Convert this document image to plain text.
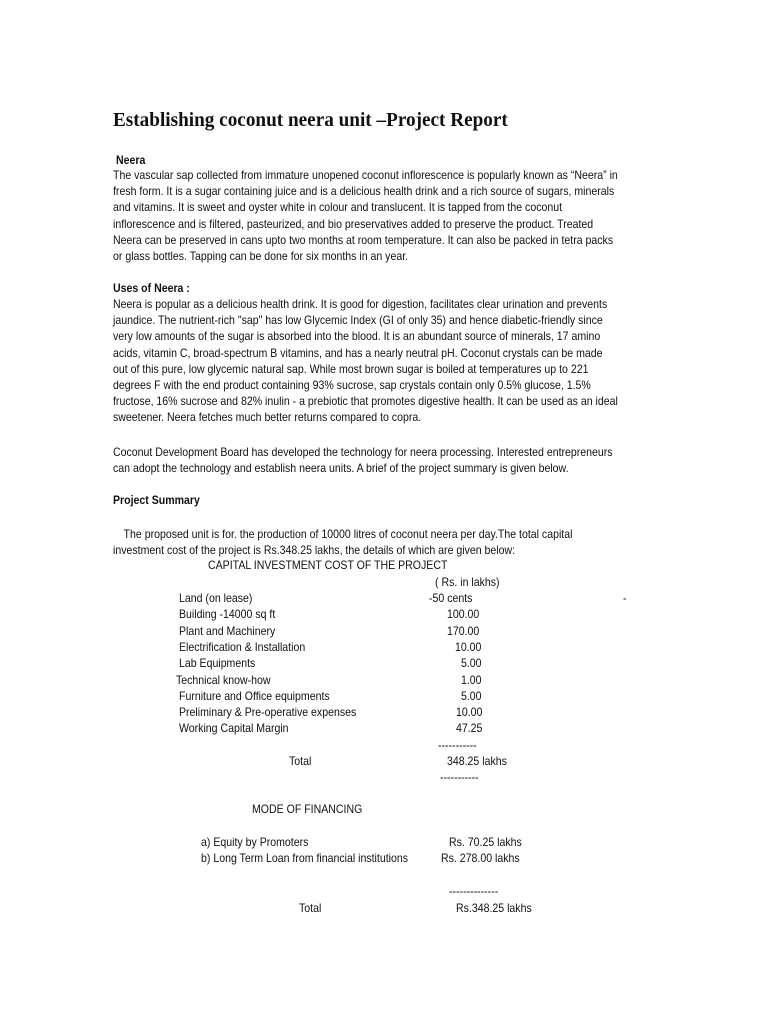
Establishing coconut neera unit –Project Report
Neera
The vascular sap collected from immature unopened coconut inflorescence is popularly known as “Neera” in
fresh form. It is a sugar containing juice and is a delicious health drink and a rich source of sugars, minerals
and vitamins. It is sweet and oyster white in colour and translucent. It is tapped from the coconut
inflorescence and is filtered, pasteurized, and bio preservatives added to preserve the product. Treated
Neera can be preserved in cans upto two months at room temperature. It can also be packed in tetra packs
or glass bottles. Tapping can be done for six months in an year.
Uses of Neera :
Neera is popular as a delicious health drink. It is good for digestion, facilitates clear urination and prevents
jaundice. The nutrient-rich "sap" has low Glycemic Index (GI of only 35) and hence diabetic-friendly since
very low amounts of the sugar is absorbed into the blood. It is an abundant source of minerals, 17 amino
acids, vitamin C, broad-spectrum B vitamins, and has a nearly neutral pH. Coconut crystals can be made
out of this pure, low glycemic natural sap. While most brown sugar is boiled at temperatures up to 221
degrees F with the end product containing 93% sucrose, sap crystals contain only 0.5% glucose, 1.5%
fructose, 16% sucrose and 82% inulin - a prebiotic that promotes digestive health. It can be used as an ideal
sweetener. Neera fetches much better returns compared to copra.
Coconut Development Board has developed the technology for neera processing. Interested entrepreneurs
can adopt the technology and establish neera units. A brief of the project summary is given below.
Project Summary
The proposed unit is for. the production of 10000 litres of coconut neera per day.The total capital
investment cost of the project is Rs.348.25 lakhs, the details of which are given below:
CAPITAL INVESTMENT COST OF THE PROJECT
( Rs. in lakhs)
Land (on lease)	-50 cents	-
Building -14000 sq ft	100.00
Plant and Machinery	170.00
Electrification & Installation	10.00
Lab Equipments	5.00
Technical know-how	1.00
Furniture and Office equipments	5.00
Preliminary & Pre-operative expenses	10.00
Working Capital Margin	47.25
-----------
Total	348.25 lakhs
-----------
MODE OF FINANCING
a) Equity by Promoters	Rs. 70.25 lakhs
b) Long Term Loan from financial institutions	Rs. 278.00 lakhs
--------------
Total	Rs.348.25 lakhs
